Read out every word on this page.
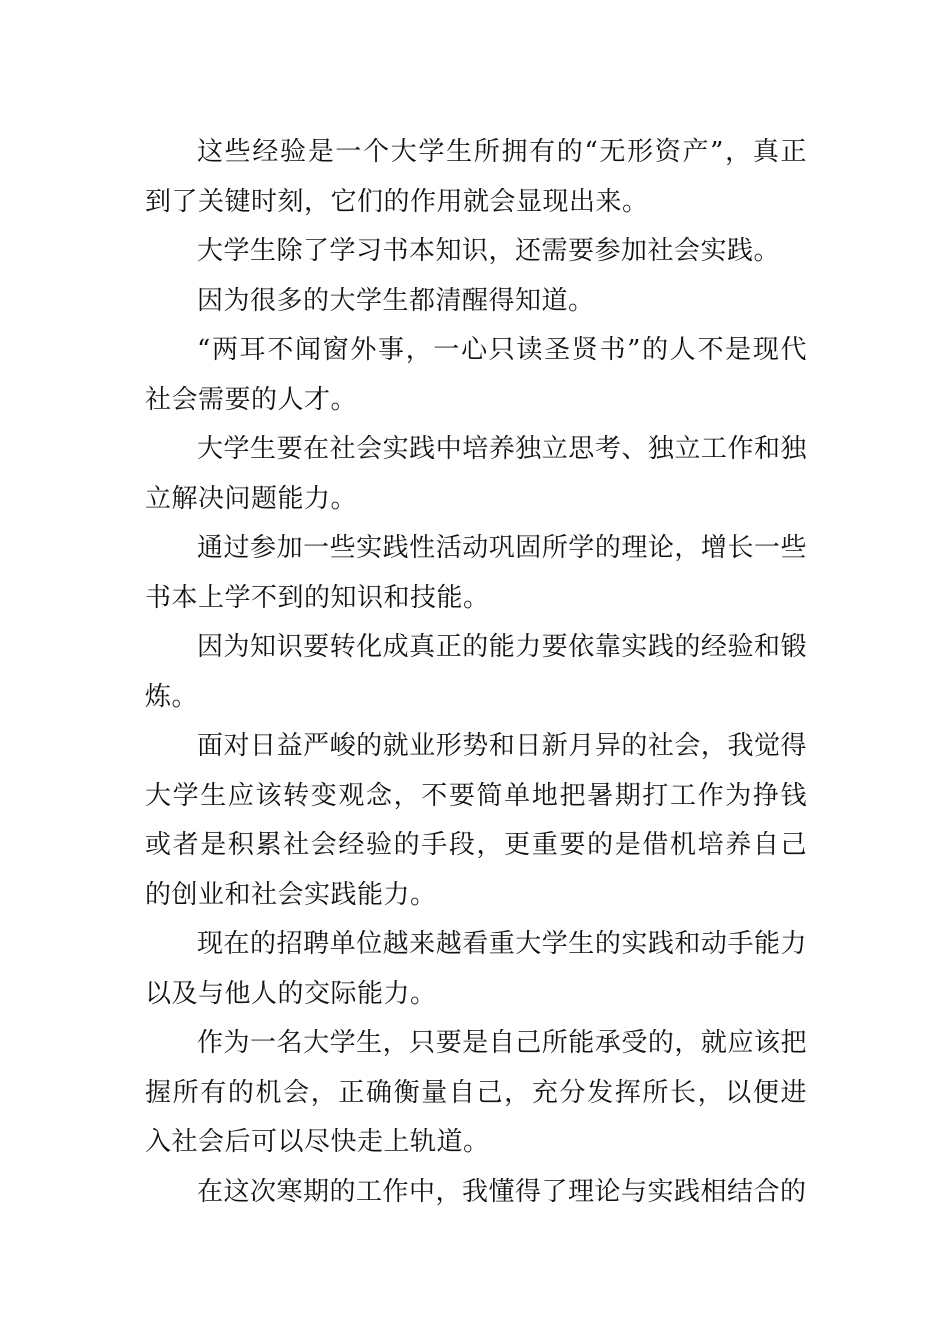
这些经验是一个大学生所拥有的“无形资产”，真正到了关键时刻，它们的作用就会显现出来。

大学生除了学习书本知识，还需要参加社会实践。

因为很多的大学生都清醒得知道。

“两耳不闻窗外事，一心只读圣贤书”的人不是现代社会需要的人才。

大学生要在社会实践中培养独立思考、独立工作和独立解决问题能力。

通过参加一些实践性活动巩固所学的理论，增长一些书本上学不到的知识和技能。

因为知识要转化成真正的能力要依靠实践的经验和锻炼。

面对日益严峻的就业形势和日新月异的社会，我觉得大学生应该转变观念，不要简单地把暑期打工作为挣钱或者是积累社会经验的手段，更重要的是借机培养自己的创业和社会实践能力。

现在的招聘单位越来越看重大学生的实践和动手能力以及与他人的交际能力。

作为一名大学生，只要是自己所能承受的，就应该把握所有的机会，正确衡量自己，充分发挥所长，以便进入社会后可以尽快走上轨道。

在这次寒期的工作中，我懂得了理论与实践相结合的
